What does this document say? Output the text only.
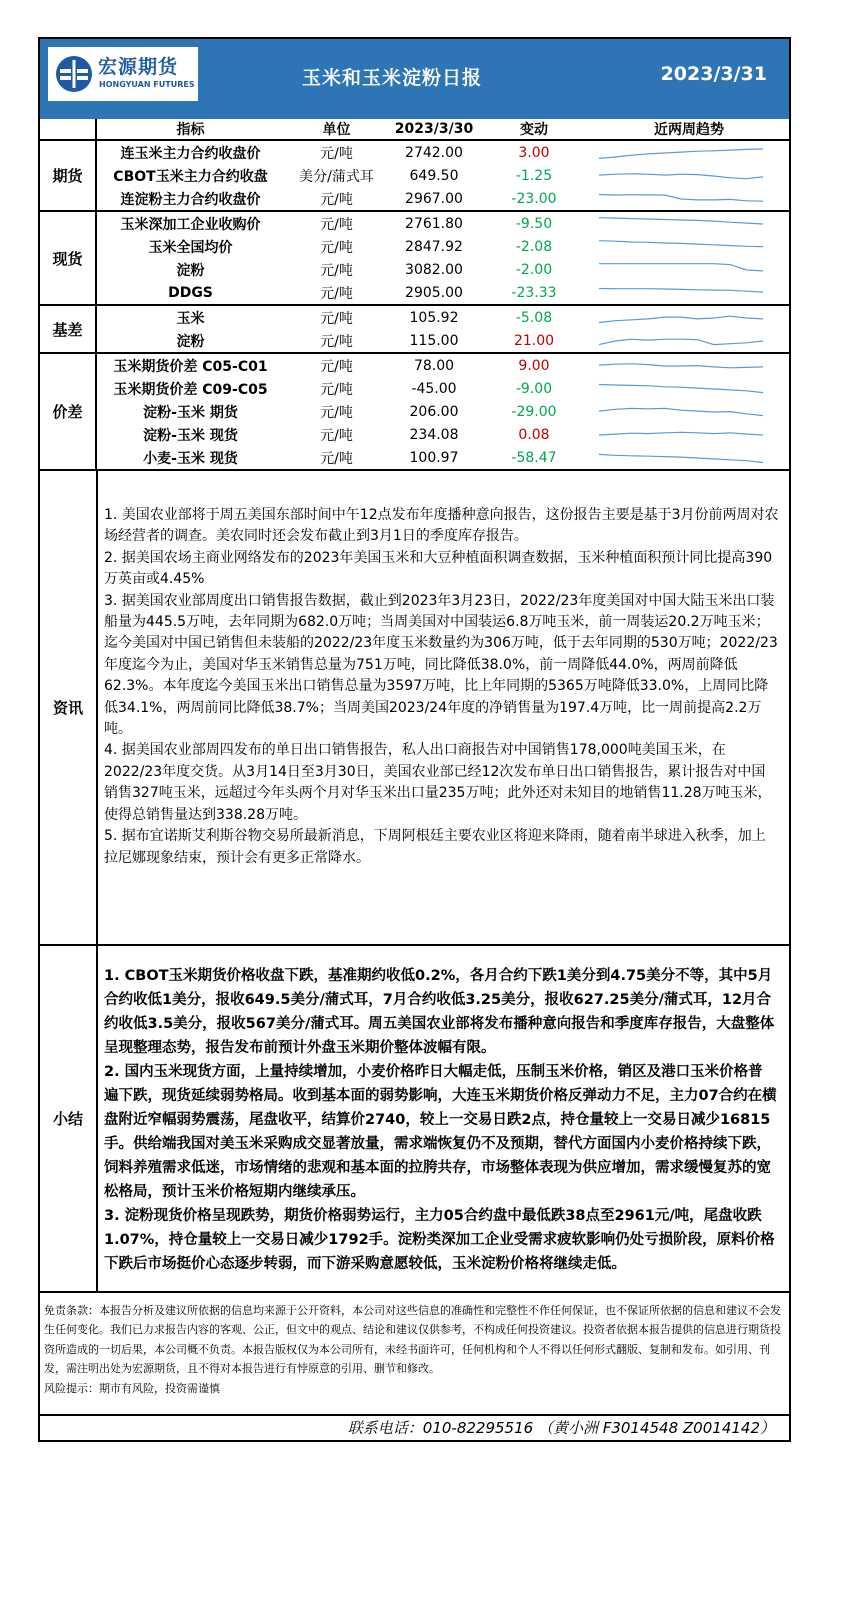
宏源期货
HONGYUAN FUTURES	玉米和玉米淀粉日报	2023/3/31
	指标	单位	2023/3/30	变动	近两周趋势
期货	连玉米主力合约收盘价	元/吨	2742.00	3.00	

	CBOT玉米主力合约收盘	美分/蒲式耳	649.50	-1.25	

	连淀粉主力合约收盘价	元/吨	2967.00	-23.00	

现货	玉米深加工企业收购价	元/吨	2761.80	-9.50	

	玉米全国均价	元/吨	2847.92	-2.08	

	淀粉	元/吨	3082.00	-2.00	

	DDGS	元/吨	2905.00	-23.33	

基差	玉米	元/吨	105.92	-5.08	

	淀粉	元/吨	115.00	21.00	

价差	玉米期货价差 C05-C01	元/吨	78.00	9.00	

	玉米期货价差 C09-C05	元/吨	-45.00	-9.00	

	淀粉-玉米 期货	元/吨	206.00	-29.00	

	淀粉-玉米 现货	元/吨	234.08	0.08	

	小麦-玉米 现货	元/吨	100.97	-58.47	
资讯

1. 美国农业部将于周五美国东部时间中午12点发布年度播种意向报告，这份报告主要是基于3月份前两周对农场经营者的调查。美农同时还会发布截止到3月1日的季度库存报告。

2. 据美国农场主商业网络发布的2023年美国玉米和大豆种植面积调查数据，玉米种植面积预计同比提高390万英亩或4.45%

3. 据美国农业部周度出口销售报告数据，截止到2023年3月23日，2022/23年度美国对中国大陆玉米出口装船量为445.5万吨，去年同期为682.0万吨；当周美国对中国装运6.8万吨玉米，前一周装运20.2万吨玉米；迄今美国对中国已销售但未装船的2022/23年度玉米数量约为306万吨，低于去年同期的530万吨；2022/23年度迄今为止，美国对华玉米销售总量为751万吨，同比降低38.0%，前一周降低44.0%，两周前降低62.3%。本年度迄今美国玉米出口销售总量为3597万吨，比上年同期的5365万吨降低33.0%，上周同比降低34.1%，两周前同比降低38.7%；当周美国2023/24年度的净销售量为197.4万吨，比一周前提高2.2万吨。

4. 据美国农业部周四发布的单日出口销售报告，私人出口商报告对中国销售178,000吨美国玉米，在2022/23年度交货。从3月14日至3月30日，美国农业部已经12次发布单日出口销售报告，累计报告对中国销售327吨玉米，远超过今年头两个月对华玉米出口量235万吨；此外还对未知目的地销售11.28万吨玉米，使得总销售量达到338.28万吨。

5. 据布宜诺斯艾利斯谷物交易所最新消息，下周阿根廷主要农业区将迎来降雨，随着南半球进入秋季，加上拉尼娜现象结束，预计会有更多正常降水。

小结

1. CBOT玉米期货价格收盘下跌，基准期约收低0.2%，各月合约下跌1美分到4.75美分不等，其中5月合约收低1美分，报收649.5美分/蒲式耳，7月合约收低3.25美分，报收627.25美分/蒲式耳，12月合约收低3.5美分，报收567美分/蒲式耳。周五美国农业部将发布播种意向报告和季度库存报告，大盘整体呈现整理态势，报告发布前预计外盘玉米期价整体波幅有限。

2. 国内玉米现货方面，上量持续增加，小麦价格昨日大幅走低，压制玉米价格，销区及港口玉米价格普遍下跌，现货延续弱势格局。收到基本面的弱势影响，大连玉米期货价格反弹动力不足，主力07合约在横盘附近窄幅弱势震荡，尾盘收平，结算价2740，较上一交易日跌2点，持仓量较上一交易日减少16815手。供给端我国对美玉米采购成交显著放量，需求端恢复仍不及预期，替代方面国内小麦价格持续下跌，饲料养殖需求低迷，市场情绪的悲观和基本面的拉胯共存，市场整体表现为供应增加，需求缓慢复苏的宽松格局，预计玉米价格短期内继续承压。

3. 淀粉现货价格呈现跌势，期货价格弱势运行，主力05合约盘中最低跌38点至2961元/吨，尾盘收跌1.07%，持仓量较上一交易日减少1792手。淀粉类深加工企业受需求疲软影响仍处亏损阶段，原料价格下跌后市场挺价心态逐步转弱，而下游采购意愿较低，玉米淀粉价格将继续走低。

免责条款：本报告分析及建议所依据的信息均来源于公开资料，本公司对这些信息的准确性和完整性不作任何保证，也不保证所依据的信息和建议不会发生任何变化。我们已力求报告内容的客观、公正，但文中的观点、结论和建议仅供参考，不构成任何投资建议。投资者依据本报告提供的信息进行期货投资所造成的一切后果，本公司概不负责。本报告版权仅为本公司所有，未经书面许可，任何机构和个人不得以任何形式翻版、复制和发布。如引用、刊发，需注明出处为宏源期货，且不得对本报告进行有悖原意的引用、删节和修改。
风险提示：期市有风险，投资需谨慎
联系电话：010-82295516 （黄小洲 F3014548 Z0014142）
